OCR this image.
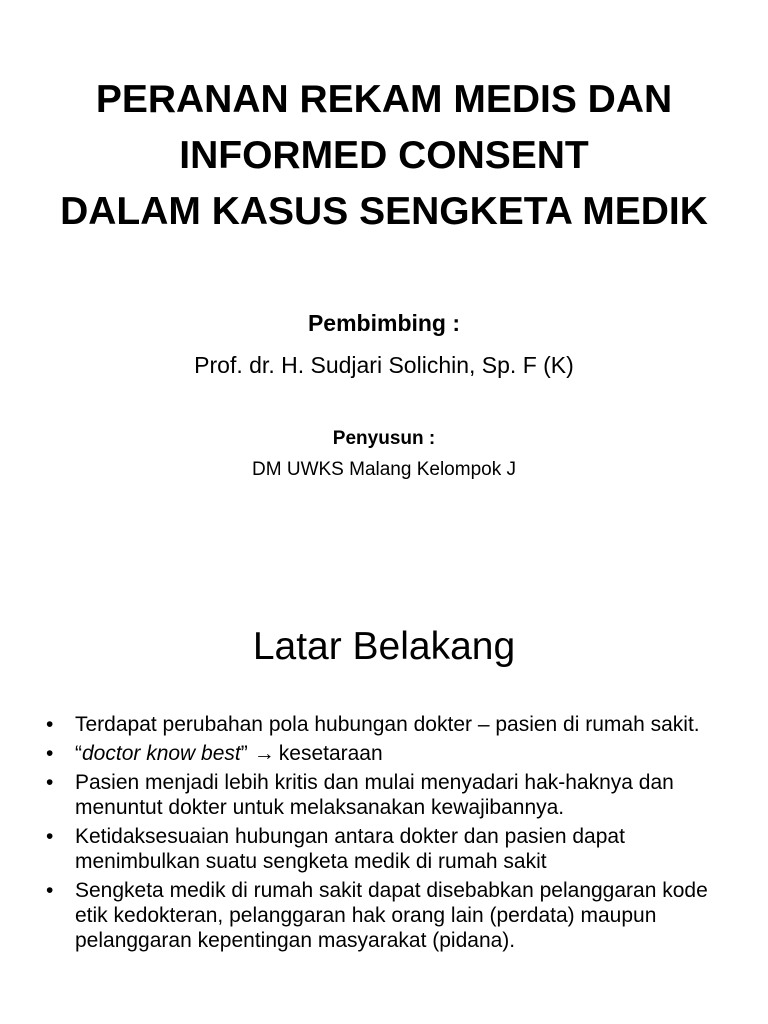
PERANAN REKAM MEDIS DAN
INFORMED CONSENT
DALAM KASUS SENGKETA MEDIK

Pembimbing :

Prof. dr. H. Sudjari Solichin, Sp. F (K)

Penyusun :

DM UWKS Malang Kelompok J

Latar Belakang
• Terdapat perubahan pola hubungan dokter – pasien di rumah sakit.
• “doctor know best” → kesetaraan
• Pasien menjadi lebih kritis dan mulai menyadari hak-haknya dan menuntut dokter untuk melaksanakan kewajibannya.
• Ketidaksesuaian hubungan antara dokter dan pasien dapat menimbulkan suatu sengketa medik di rumah sakit
• Sengketa medik di rumah sakit dapat disebabkan pelanggaran kode etik kedokteran, pelanggaran hak orang lain (perdata) maupun pelanggaran kepentingan masyarakat (pidana).
